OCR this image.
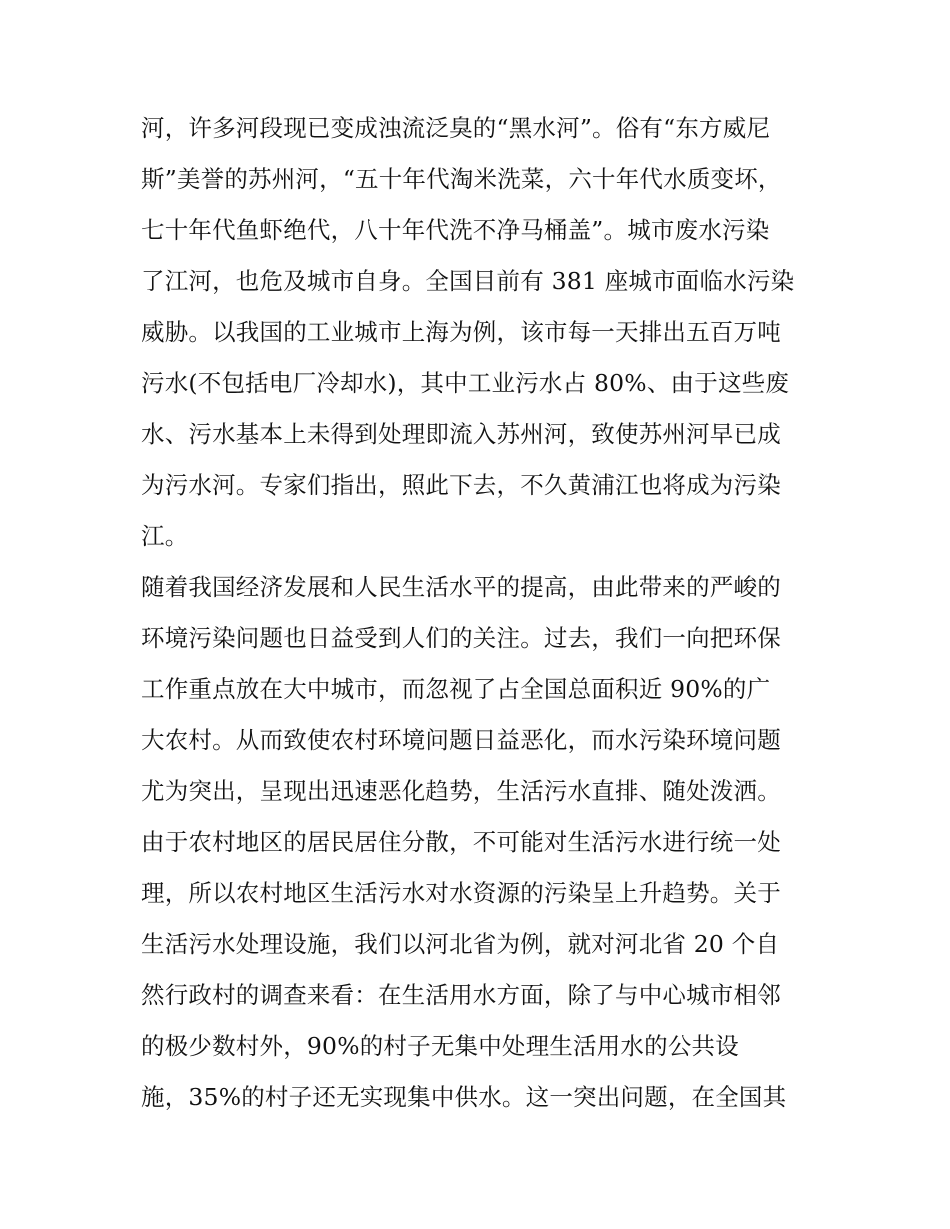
河，许多河段现已变成浊流泛臭的“黑水河”。俗有“东方威尼
斯”美誉的苏州河，“五十年代淘米洗菜，六十年代水质变坏，
七十年代鱼虾绝代，八十年代洗不净马桶盖”。城市废水污染
了江河，也危及城市自身。全国目前有 381 座城市面临水污染
威胁。以我国的工业城市上海为例，该市每一天排出五百万吨
污水(不包括电厂冷却水)，其中工业污水占 80%、由于这些废
水、污水基本上未得到处理即流入苏州河，致使苏州河早已成
为污水河。专家们指出，照此下去，不久黄浦江也将成为污染
江。
随着我国经济发展和人民生活水平的提高，由此带来的严峻的
环境污染问题也日益受到人们的关注。过去，我们一向把环保
工作重点放在大中城市，而忽视了占全国总面积近 90%的广
大农村。从而致使农村环境问题日益恶化，而水污染环境问题
尤为突出，呈现出迅速恶化趋势，生活污水直排、随处泼洒。
由于农村地区的居民居住分散，不可能对生活污水进行统一处
理，所以农村地区生活污水对水资源的污染呈上升趋势。关于
生活污水处理设施，我们以河北省为例，就对河北省 20 个自
然行政村的调查来看：在生活用水方面，除了与中心城市相邻
的极少数村外，90%的村子无集中处理生活用水的公共设
施，35%的村子还无实现集中供水。这一突出问题，在全国其
